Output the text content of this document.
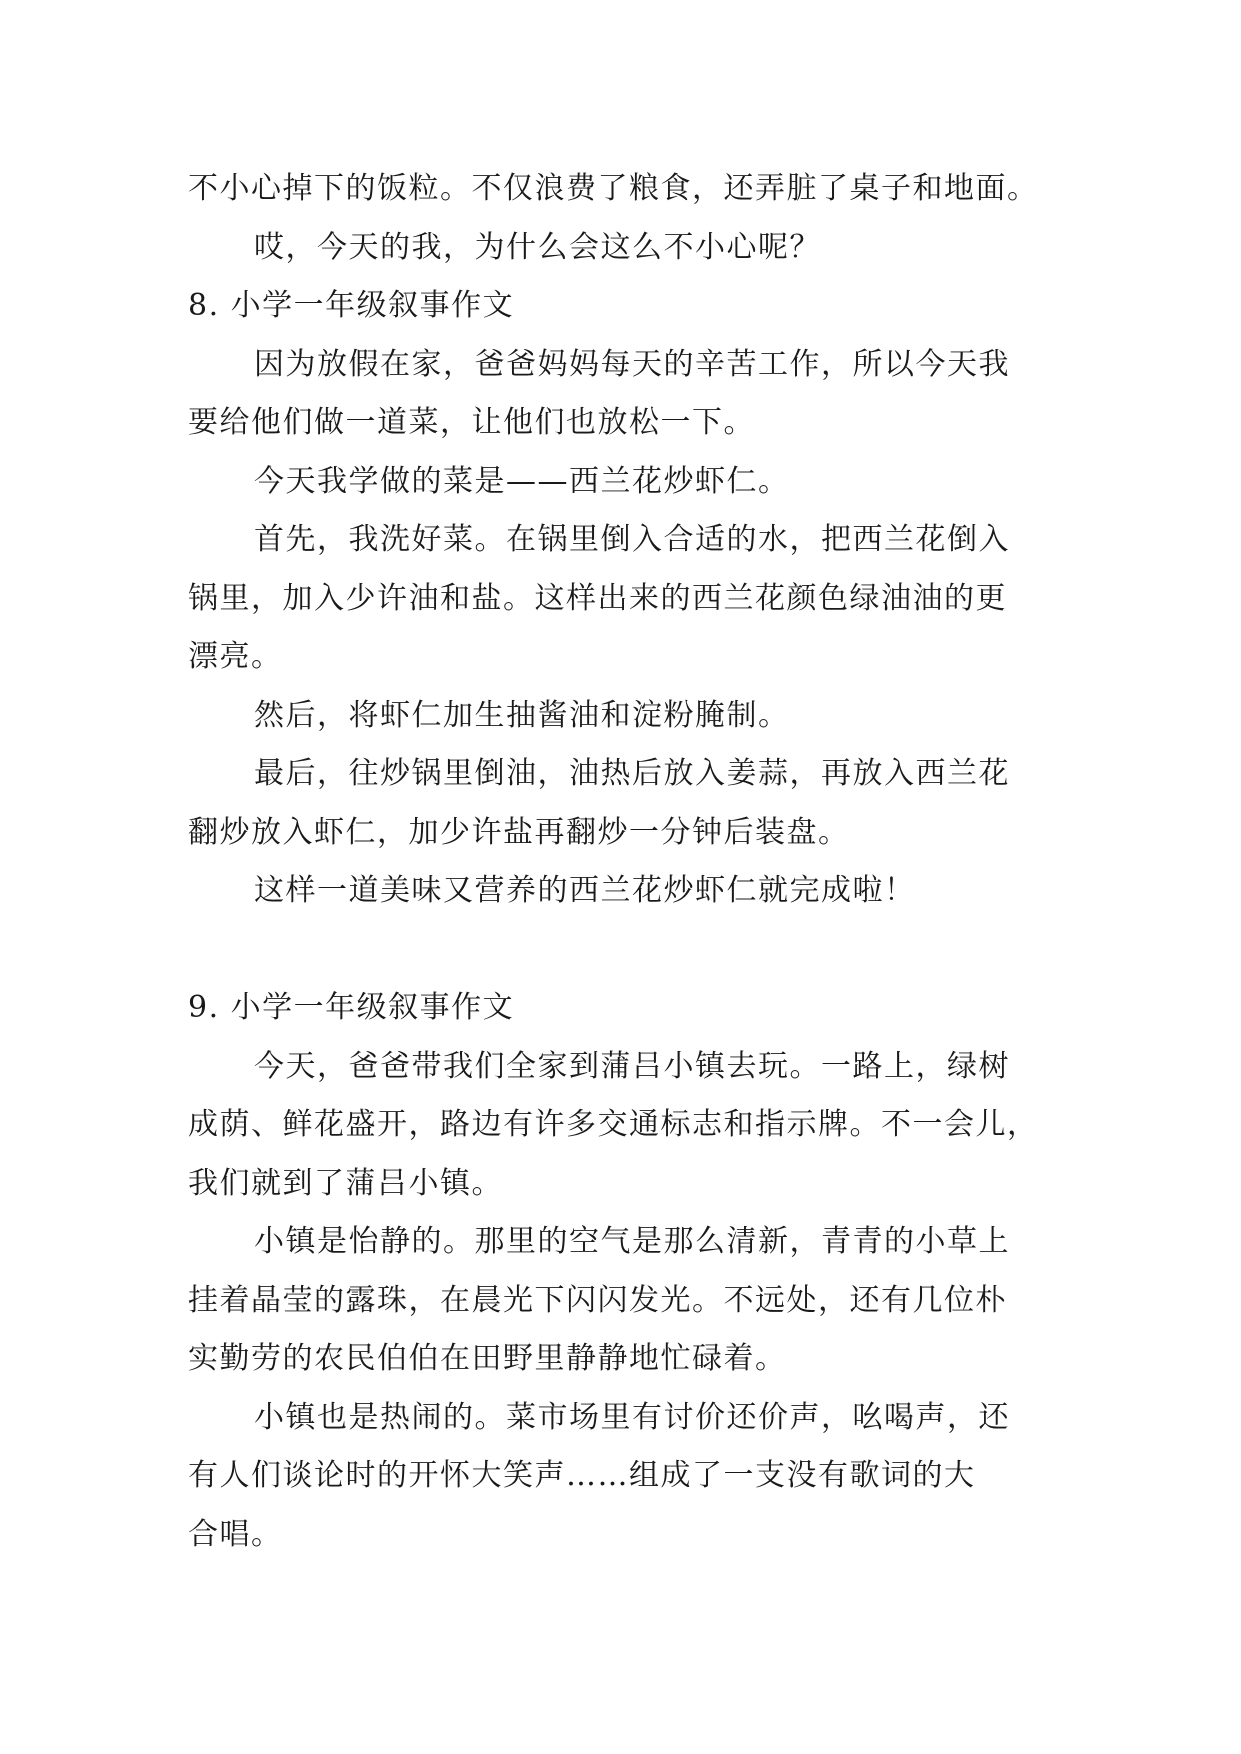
不小心掉下的饭粒。不仅浪费了粮食，还弄脏了桌子和地面。
哎，今天的我，为什么会这么不小心呢？
8. 小学一年级叙事作文
因为放假在家，爸爸妈妈每天的辛苦工作，所以今天我
要给他们做一道菜，让他们也放松一下。
今天我学做的菜是——西兰花炒虾仁。
首先，我洗好菜。在锅里倒入合适的水，把西兰花倒入
锅里，加入少许油和盐。这样出来的西兰花颜色绿油油的更
漂亮。
然后，将虾仁加生抽酱油和淀粉腌制。
最后，往炒锅里倒油，油热后放入姜蒜，再放入西兰花
翻炒放入虾仁，加少许盐再翻炒一分钟后装盘。
这样一道美味又营养的西兰花炒虾仁就完成啦！
9. 小学一年级叙事作文
今天，爸爸带我们全家到蒲吕小镇去玩。一路上，绿树
成荫、鲜花盛开，路边有许多交通标志和指示牌。不一会儿，
我们就到了蒲吕小镇。
小镇是怡静的。那里的空气是那么清新，青青的小草上
挂着晶莹的露珠，在晨光下闪闪发光。不远处，还有几位朴
实勤劳的农民伯伯在田野里静静地忙碌着。
小镇也是热闹的。菜市场里有讨价还价声，吆喝声，还
有人们谈论时的开怀大笑声……组成了一支没有歌词的大
合唱。
